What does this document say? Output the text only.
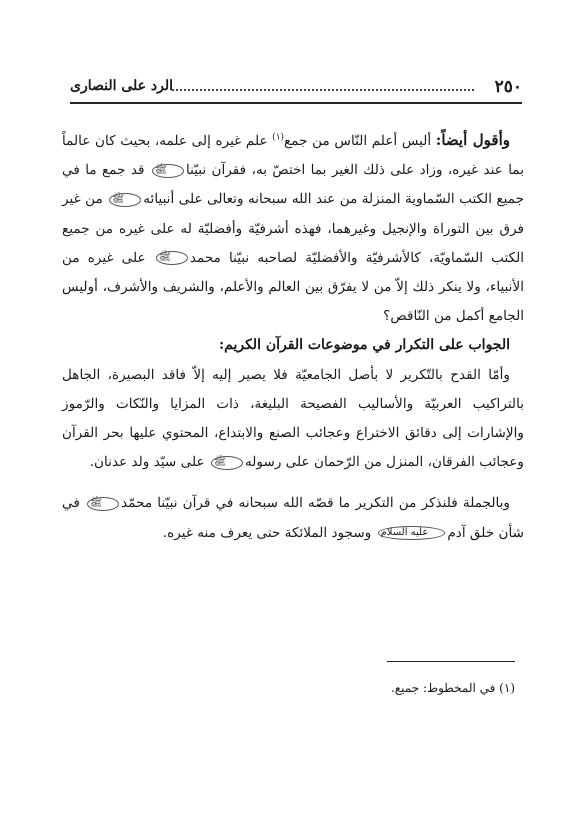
٢٥٠
الرد على النصارى

وأقول أيضاً: أليس أعلم النّاس من جمع$^{(١)}$ علم غيره إلى علمه، بحيث كان عالماً بما عند غيره، وزاد على ذلك الغير بما اختصّ به، فقرآن نبيّناﷺ قد جمع ما في جميع الكتب السّماوية المنزلة من عند الله سبحانه وتعالى على أنبيائهﷺ من غير فرق بين التوراة والإنجيل وغيرهما، فهذه أشرفيّة وأفضليّة له على غيره من جميع الكتب السّماويّة، كالأشرفيّة والأفضليّة لصاحبه نبيّنا محمدﷺ على غيره من الأنبياء، ولا ينكر ذلك إلاّ من لا يفرّق بين العالم والأعلم، والشريف والأشرف، أوليس الجامع أكمل من النّاقص؟

الجواب على التكرار في موضوعات القرآن الكريم:

وأمّا القدح بالتّكرير لا بأصل الجامعيّة فلا يصير إليه إلاّ فاقد البصيرة، الجاهل بالتراكيب العربيّة والأساليب الفصيحة البليغة، ذات المزايا والنّكات والرّموز والإشارات إلى دقائق الاختراع وعجائب الصنع والابتداع، المحتوي عليها بحر القرآن وعجائب الفرقان، المنزل من الرّحمان على رسولهﷺ على سيّد ولد عدنان.

وبالجملة فلنذكر من التكرير ما قصّه الله سبحانه في قرآن نبيّنا محمّدﷺ في شأن خلق آدمعليه السلام وسجود الملائكة حتى يعرف منه غيره.

(١) في المخطوط: جميع.
